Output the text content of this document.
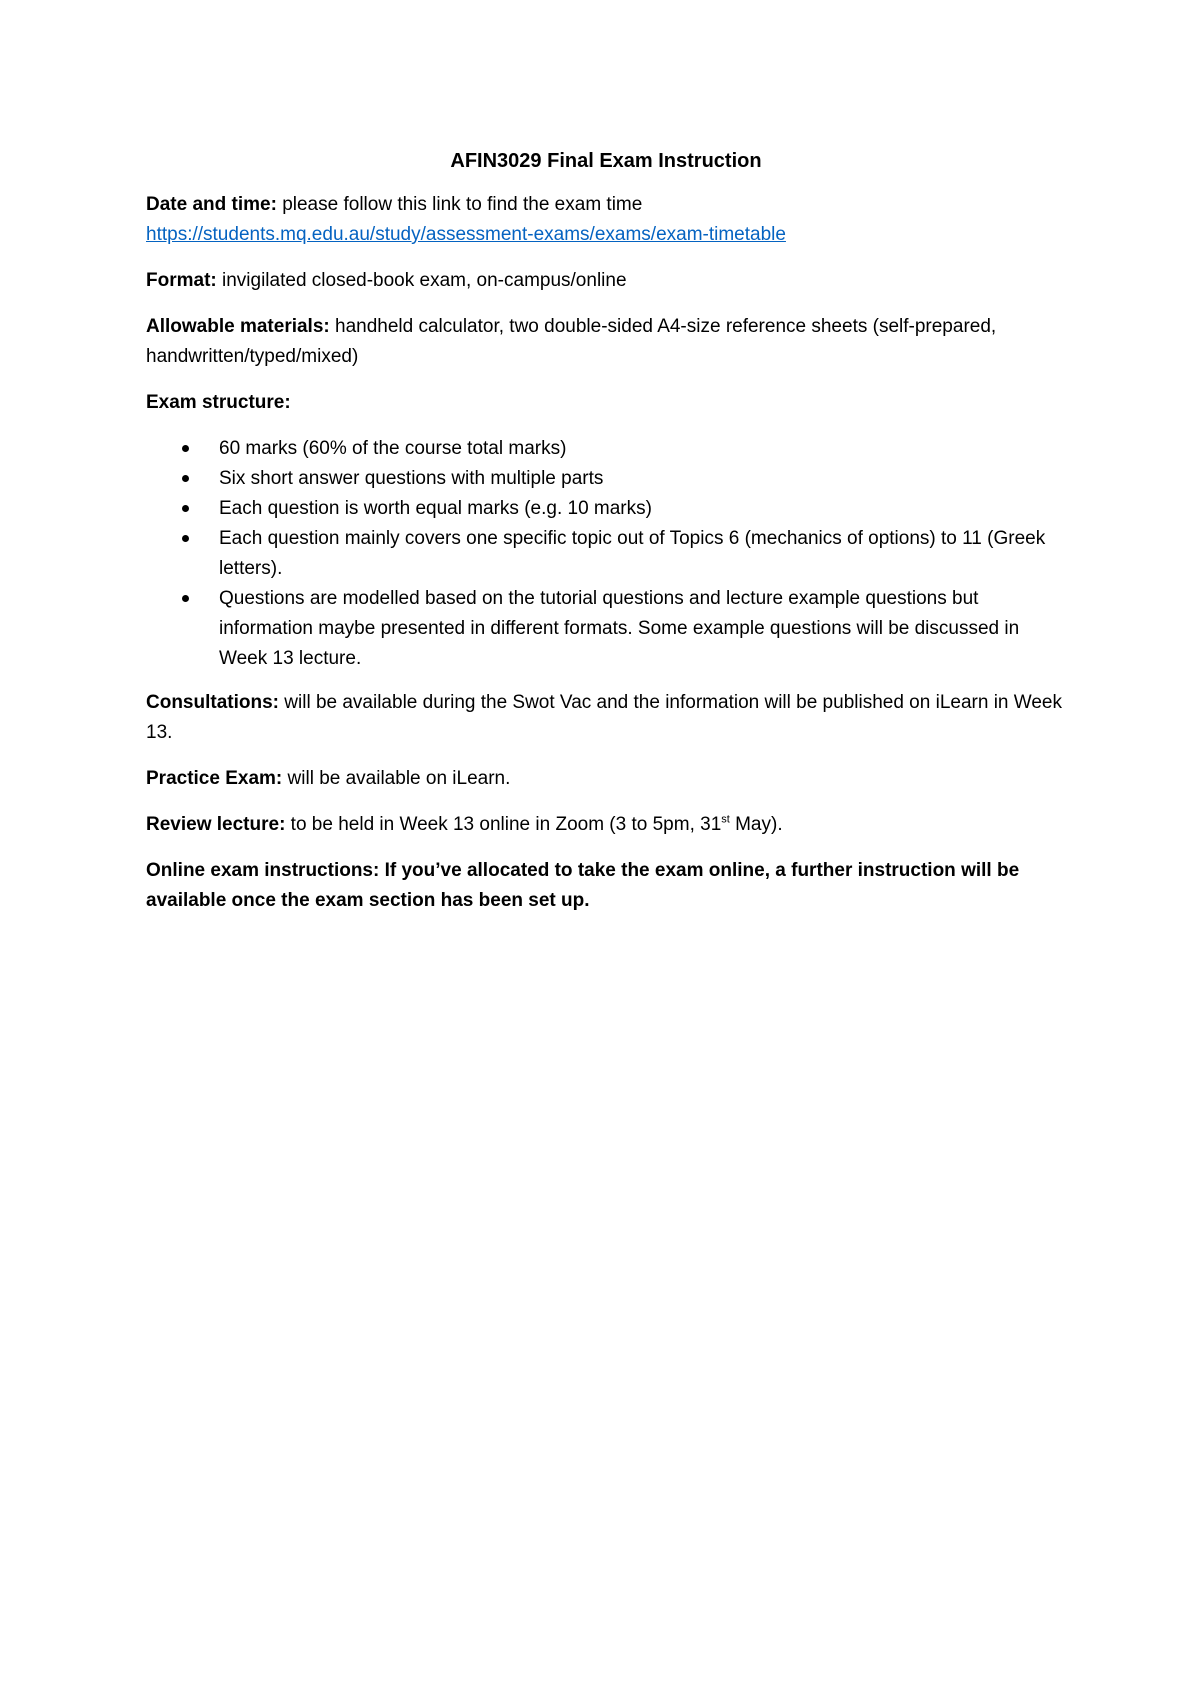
AFIN3029 Final Exam Instruction

Date and time: please follow this link to find the exam time
https://students.mq.edu.au/study/assessment-exams/exams/exam-timetable

Format: invigilated closed-book exam, on-campus/online

Allowable materials: handheld calculator, two double-sided A4-size reference sheets (self-prepared, handwritten/typed/mixed)

Exam structure:

60 marks (60% of the course total marks)
Six short answer questions with multiple parts
Each question is worth equal marks (e.g. 10 marks)
Each question mainly covers one specific topic out of Topics 6 (mechanics of options) to 11 (Greek letters).
Questions are modelled based on the tutorial questions and lecture example questions but information maybe presented in different formats. Some example questions will be discussed in Week 13 lecture.

Consultations: will be available during the Swot Vac and the information will be published on iLearn in Week 13.

Practice Exam: will be available on iLearn.

Review lecture: to be held in Week 13 online in Zoom (3 to 5pm, 31st May).

Online exam instructions: If you’ve allocated to take the exam online, a further instruction will be available once the exam section has been set up.
